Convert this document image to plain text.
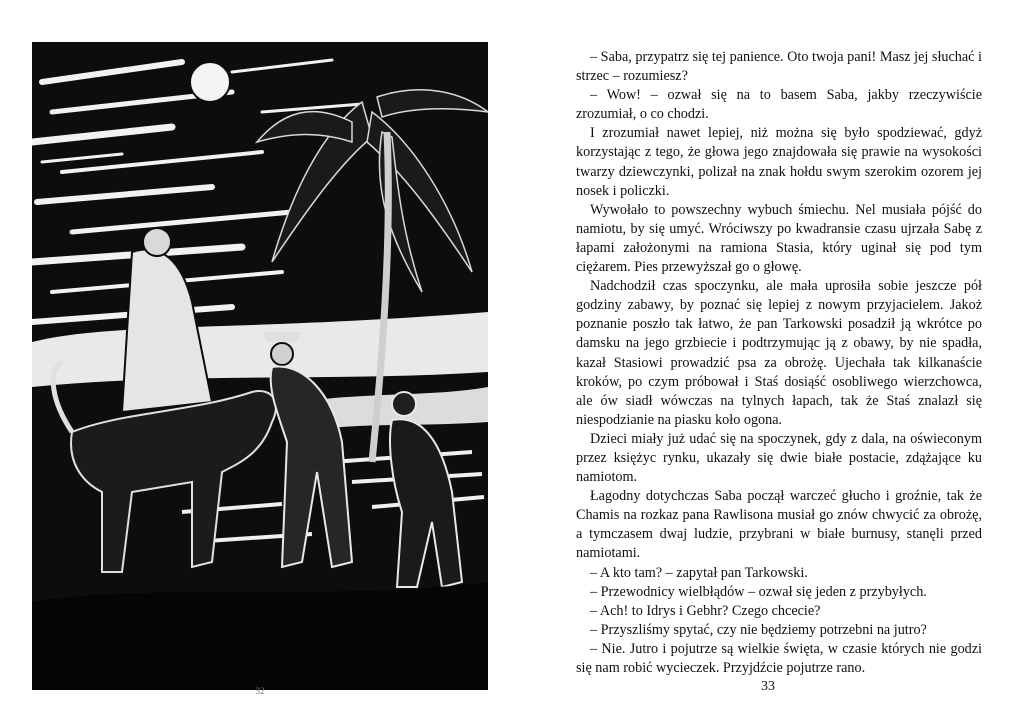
32

– Saba, przypatrz się tej panience. Oto twoja pani! Masz jej słuchać i strzec – rozumiesz?

– Wow! – ozwał się na to basem Saba, jakby rzeczywiście zrozumiał, o co chodzi.

I zrozumiał nawet lepiej, niż można się było spodziewać, gdyż korzystając z tego, że głowa jego znajdowała się prawie na wysokości twarzy dziewczynki, polizał na znak hołdu swym szerokim ozorem jej nosek i policzki.

Wywołało to powszechny wybuch śmiechu. Nel musiała pójść do namiotu, by się umyć. Wróciwszy po kwadransie czasu ujrzała Sabę z łapami założonymi na ramiona Stasia, który uginał się pod tym ciężarem. Pies przewyższał go o głowę.

Nadchodził czas spoczynku, ale mała uprosiła sobie jeszcze pół godziny zabawy, by poznać się lepiej z nowym przyjacielem. Jakoż poznanie poszło tak łatwo, że pan Tarkowski posadził ją wkrótce po damsku na jego grzbiecie i podtrzymując ją z obawy, by nie spadła, kazał Stasiowi prowadzić psa za obrożę. Ujechała tak kilkanaście kroków, po czym próbował i Staś dosiąść osobliwego wierzchowca, ale ów siadł wówczas na tylnych łapach, tak że Staś znalazł się niespodzianie na piasku koło ogona.

Dzieci miały już udać się na spoczynek, gdy z dala, na oświeconym przez księżyc rynku, ukazały się dwie białe postacie, zdążające ku namiotom.

Łagodny dotychczas Saba począł warczeć głucho i groźnie, tak że Chamis na rozkaz pana Rawlisona musiał go znów chwycić za obrożę, a tymczasem dwaj ludzie, przybrani w białe burnusy, stanęli przed namiotami.

– A kto tam? – zapytał pan Tarkowski.

– Przewodnicy wielbłądów – ozwał się jeden z przybyłych.

– Ach! to Idrys i Gebhr? Czego chcecie?

– Przyszliśmy spytać, czy nie będziemy potrzebni na jutro?

– Nie. Jutro i pojutrze są wielkie święta, w czasie których nie godzi się nam robić wycieczek. Przyjdźcie pojutrze rano.

33
